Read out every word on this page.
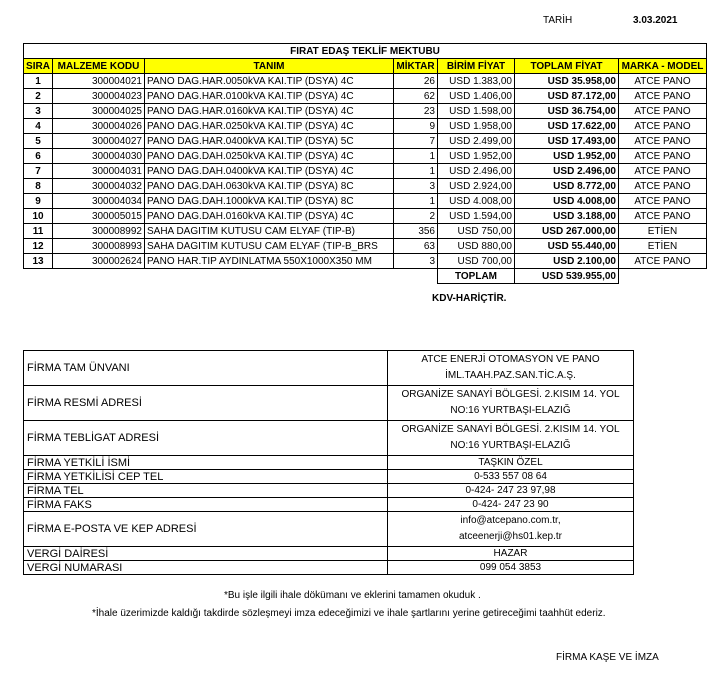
TARİH	3.03.2021
FIRAT EDAŞ TEKLİF MEKTUBU						
SIRA	MALZEME KODU	TANIM	MİKTAR	BİRİM FİYAT	TOPLAM FİYAT	MARKA - MODEL
1	300004021	PANO DAG.HAR.0050kVA KAI.TIP (DSYA) 4C	26	USD 1.383,00	USD 35.958,00	ATCE PANO
2	300004023	PANO DAG.HAR.0100kVA KAI.TIP (DSYA) 4C	62	USD 1.406,00	USD 87.172,00	ATCE PANO
3	300004025	PANO DAG.HAR.0160kVA KAI.TIP (DSYA) 4C	23	USD 1.598,00	USD 36.754,00	ATCE PANO
4	300004026	PANO DAG.HAR.0250kVA KAI.TIP (DSYA) 4C	9	USD 1.958,00	USD 17.622,00	ATCE PANO
5	300004027	PANO DAG.HAR.0400kVA KAI.TIP (DSYA) 5C	7	USD 2.499,00	USD 17.493,00	ATCE PANO
6	300004030	PANO DAG.DAH.0250kVA KAI.TIP (DSYA) 4C	1	USD 1.952,00	USD 1.952,00	ATCE PANO
7	300004031	PANO DAG.DAH.0400kVA KAI.TIP (DSYA) 4C	1	USD 2.496,00	USD 2.496,00	ATCE PANO
8	300004032	PANO DAG.DAH.0630kVA KAI.TIP (DSYA) 8C	3	USD 2.924,00	USD 8.772,00	ATCE PANO
9	300004034	PANO DAG.DAH.1000kVA KAI.TIP (DSYA) 8C	1	USD 4.008,00	USD 4.008,00	ATCE PANO
10	300005015	PANO DAG.DAH.0160kVA KAI.TIP (DSYA) 4C	2	USD 1.594,00	USD 3.188,00	ATCE PANO
11	300008992	SAHA DAGITIM KUTUSU CAM ELYAF (TIP-B)	356	USD 750,00	USD 267.000,00	ETİEN
12	300008993	SAHA DAGITIM KUTUSU CAM ELYAF (TIP-B_BRS	63	USD 880,00	USD 55.440,00	ETİEN
13	300002624	PANO HAR.TIP AYDINLATMA 550X1000X350 MM	3	USD 700,00	USD 2.100,00	ATCE PANO
				TOPLAM	USD 539.955,00	
KDV-HARİÇTİR.
FİRMA TAM ÜNVANI	ATCE ENERJİ OTOMASYON VE PANO
İML.TAAH.PAZ.SAN.TİC.A.Ş.

FİRMA RESMİ ADRESİ	ORGANİZE SANAYİ BÖLGESİ. 2.KISIM 14. YOL
NO:16 YURTBAŞI-ELAZIĞ

FİRMA TEBLİGAT ADRESİ	ORGANİZE SANAYİ BÖLGESİ. 2.KISIM 14. YOL
NO:16 YURTBAŞI-ELAZIĞ

FİRMA YETKİLİ İSMİ	TAŞKIN ÖZEL

FİRMA YETKİLİSİ CEP TEL	0-533 557 08 64

FİRMA TEL	0-424- 247 23 97,98

FİRMA FAKS	0-424- 247 23 90

FİRMA E-POSTA VE KEP ADRESİ	info@atcepano.com.tr,
atceenerji@hs01.kep.tr

VERGİ DAİRESİ	HAZAR

VERGİ NUMARASI	099 054 3853
*Bu işle ilgili ihale dökümanı ve eklerini tamamen okuduk .
*İhale üzerimizde kaldığı takdirde sözleşmeyi imza edeceğimizi ve ihale şartlarını yerine getireceğimi taahhüt ederiz.
FİRMA KAŞE VE İMZA
